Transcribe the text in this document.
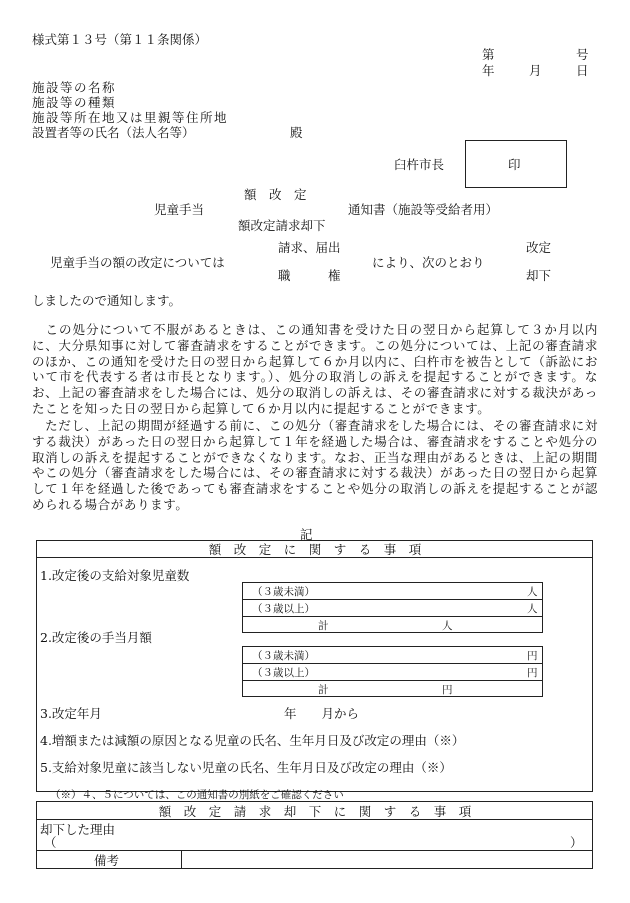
様式第１３号（第１１条関係）
第	号
年	月	日
施設等の名称
施設等の種類
施設等所在地又は里親等住所地
設置者等の氏名（法人名等）	殿
臼杵市長	印
額　改　定
児童手当	通知書（施設等受給者用）
額改定請求却下
請求、届出	改定
児童手当の額の改定については	により、次のとおり
職　　　権	却下
しましたので通知します。
　この処分について不服があるときは、この通知書を受けた日の翌日から起算して３か月以内に、大分県知事に対して審査請求をすることができます。この処分については、上記の審査請求のほか、この通知を受けた日の翌日から起算して６か月以内に、臼杵市を被告として（訴訟において市を代表する者は市長となります。）、処分の取消しの訴えを提起することができます。なお、上記の審査請求をした場合には、処分の取消しの訴えは、その審査請求に対する裁決があったことを知った日の翌日から起算して６か月以内に提起することができます。
　ただし、上記の期間が経過する前に、この処分（審査請求をした場合には、その審査請求に対する裁決）があった日の翌日から起算して１年を経過した場合は、審査請求をすることや処分の取消しの訴えを提起することができなくなります。なお、正当な理由があるときは、上記の期間やこの処分（審査請求をした場合には、その審査請求に対する裁決）があった日の翌日から起算して１年を経過した後であっても審査請求をすることや処分の取消しの訴えを提起することが認められる場合があります。
記
額　改　定　に　関　す　る　事　項
1.改定後の支給対象児童数
（３歳未満）	人
（３歳以上）	人
計	人
2.改定後の手当月額
（３歳未満）	円
（３歳以上）	円
計	円
3.改定年月	年　　月から
4.増額または減額の原因となる児童の氏名、生年月日及び改定の理由（※）
5.支給対象児童に該当しない児童の氏名、生年月日及び改定の理由（※）
（※）４、５については、この通知書の別紙をご確認ください
額　改　定　請　求　却　下　に　関　す　る　事　項
却下した理由
（	）
備考
